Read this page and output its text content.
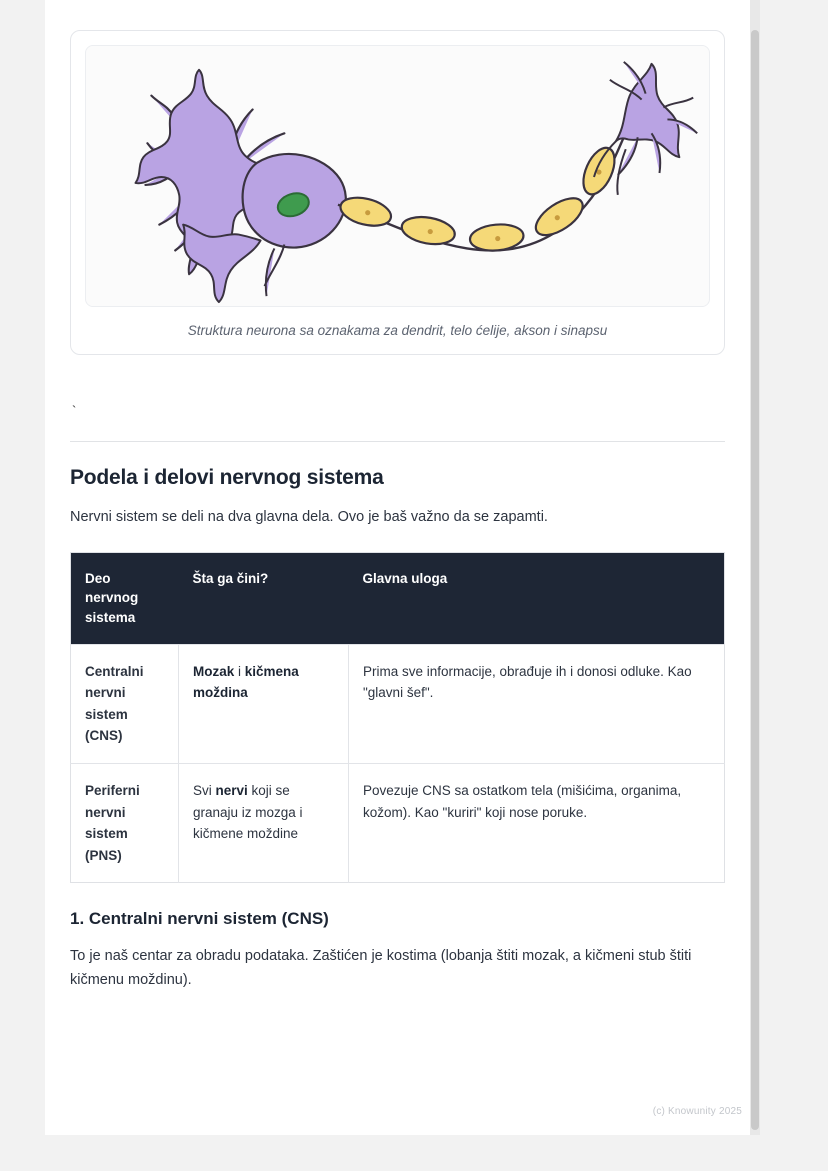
Struktura neurona sa oznakama za dendrit, telo ćelije, akson i sinapsu
`
Podela i delovi nervnog sistema

Nervni sistem se deli na dva glavna dela. Ovo je baš važno da se zapamti.

Deo nervnog sistema	Šta ga čini?	Glavna uloga
Centralni nervni sistem (CNS)	Mozak i kičmena moždina	Prima sve informacije, obrađuje ih i donosi odluke. Kao "glavni šef".
Periferni nervni sistem (PNS)	Svi nervi koji se granaju iz mozga i kičmene moždine	Povezuje CNS sa ostatkom tela (mišićima, organima, kožom). Kao "kuriri" koji nose poruke.
1. Centralni nervni sistem (CNS)

To je naš centar za obradu podataka. Zaštićen je kostima (lobanja štiti mozak, a kičmeni stub štiti kičmenu moždinu).

(c) Knowunity 2025
